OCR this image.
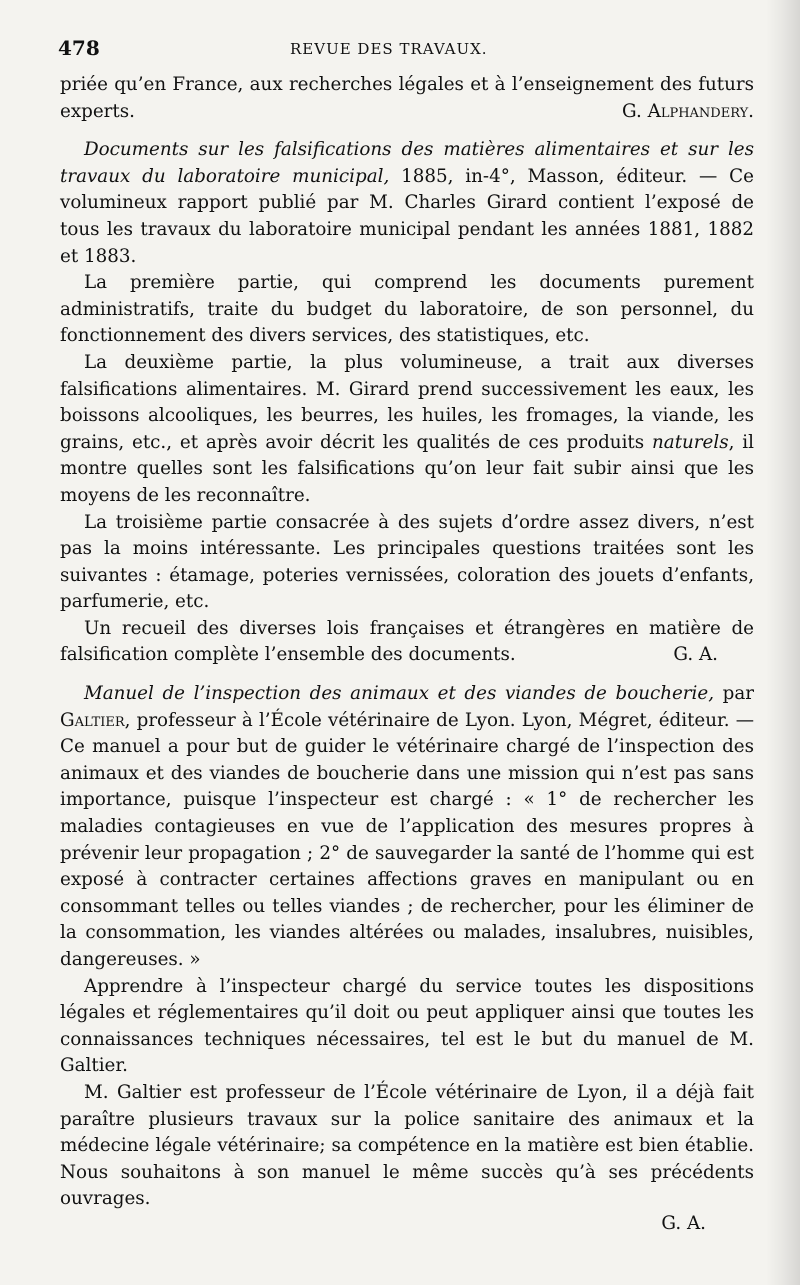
478	REVUE DES TRAVAUX.

priée qu’en France, aux recherches légales et à l’enseignement des futurs experts.	G. Alphandery.

Documents sur les falsifications des matières alimentaires et sur les travaux du laboratoire municipal, 1885, in-4°, Masson, éditeur. — Ce volumineux rapport publié par M. Charles Girard contient l’exposé de tous les travaux du laboratoire municipal pendant les années 1881, 1882 et 1883.

La première partie, qui comprend les documents purement administratifs, traite du budget du laboratoire, de son personnel, du fonctionnement des divers services, des statistiques, etc.

La deuxième partie, la plus volumineuse, a trait aux diverses falsifications alimentaires. M. Girard prend successivement les eaux, les boissons alcooliques, les beurres, les huiles, les fromages, la viande, les grains, etc., et après avoir décrit les qualités de ces produits naturels, il montre quelles sont les falsifications qu’on leur fait subir ainsi que les moyens de les reconnaître.

La troisième partie consacrée à des sujets d’ordre assez divers, n’est pas la moins intéressante. Les principales questions traitées sont les suivantes : étamage, poteries vernissées, coloration des jouets d’enfants, parfumerie, etc.

Un recueil des diverses lois françaises et étrangères en matière de falsification complète l’ensemble des documents.	G. A.

Manuel de l’inspection des animaux et des viandes de boucherie, par Galtier, professeur à l’École vétérinaire de Lyon. Lyon, Mégret, éditeur. — Ce manuel a pour but de guider le vétérinaire chargé de l’inspection des animaux et des viandes de boucherie dans une mission qui n’est pas sans importance, puisque l’inspecteur est chargé : « 1° de rechercher les maladies contagieuses en vue de l’application des mesures propres à prévenir leur propagation ; 2° de sauvegarder la santé de l’homme qui est exposé à contracter certaines affections graves en manipulant ou en consommant telles ou telles viandes ; de rechercher, pour les éliminer de la consommation, les viandes altérées ou malades, insalubres, nuisibles, dangereuses. »

Apprendre à l’inspecteur chargé du service toutes les dispositions légales et réglementaires qu’il doit ou peut appliquer ainsi que toutes les connaissances techniques nécessaires, tel est le but du manuel de M. Galtier.

M. Galtier est professeur de l’École vétérinaire de Lyon, il a déjà fait paraître plusieurs travaux sur la police sanitaire des animaux et la médecine légale vétérinaire; sa compétence en la matière est bien établie. Nous souhaitons à son manuel le même succès qu’à ses précédents ouvrages.

G. A.
